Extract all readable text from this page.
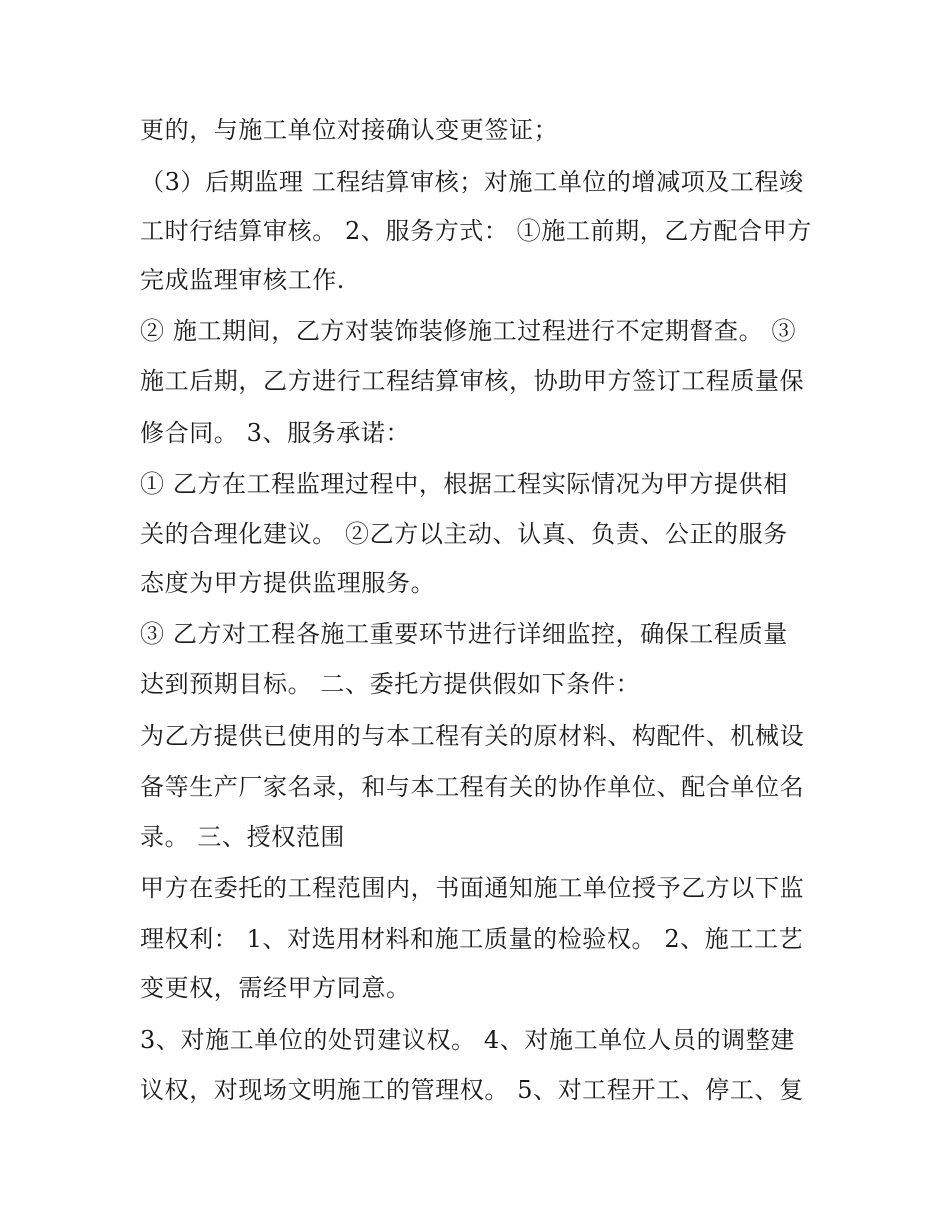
更的，与施工单位对接确认变更签证；
（3）后期监理 工程结算审核；对施工单位的增减项及工程竣
工时行结算审核。 2、服务方式： ①施工前期，乙方配合甲方
完成监理审核工作.
② 施工期间，乙方对装饰装修施工过程进行不定期督查。 ③
施工后期，乙方进行工程结算审核，协助甲方签订工程质量保
修合同。 3、服务承诺：
① 乙方在工程监理过程中，根据工程实际情况为甲方提供相
关的合理化建议。 ②乙方以主动、认真、负责、公正的服务
态度为甲方提供监理服务。
③ 乙方对工程各施工重要环节进行详细监控，确保工程质量
达到预期目标。 二、委托方提供假如下条件：
为乙方提供已使用的与本工程有关的原材料、构配件、机械设
备等生产厂家名录，和与本工程有关的协作单位、配合单位名
录。 三、授权范围
甲方在委托的工程范围内，书面通知施工单位授予乙方以下监
理权利： 1、对选用材料和施工质量的检验权。 2、施工工艺
变更权，需经甲方同意。
3、对施工单位的处罚建议权。 4、对施工单位人员的调整建
议权，对现场文明施工的管理权。 5、对工程开工、停工、复
